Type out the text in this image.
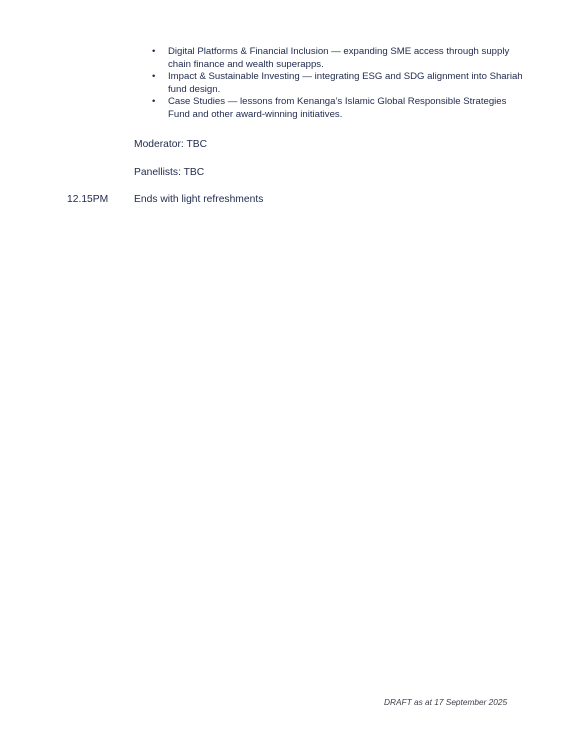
• Digital Platforms & Financial Inclusion — expanding SME access through supply chain finance and wealth superapps.
• Impact & Sustainable Investing — integrating ESG and SDG alignment into Shariah fund design.
• Case Studies — lessons from Kenanga’s Islamic Global Responsible Strategies Fund and other award-winning initiatives.
Moderator: TBC
Panellists: TBC
12.15PM	Ends with light refreshments
DRAFT as at 17 September 2025
